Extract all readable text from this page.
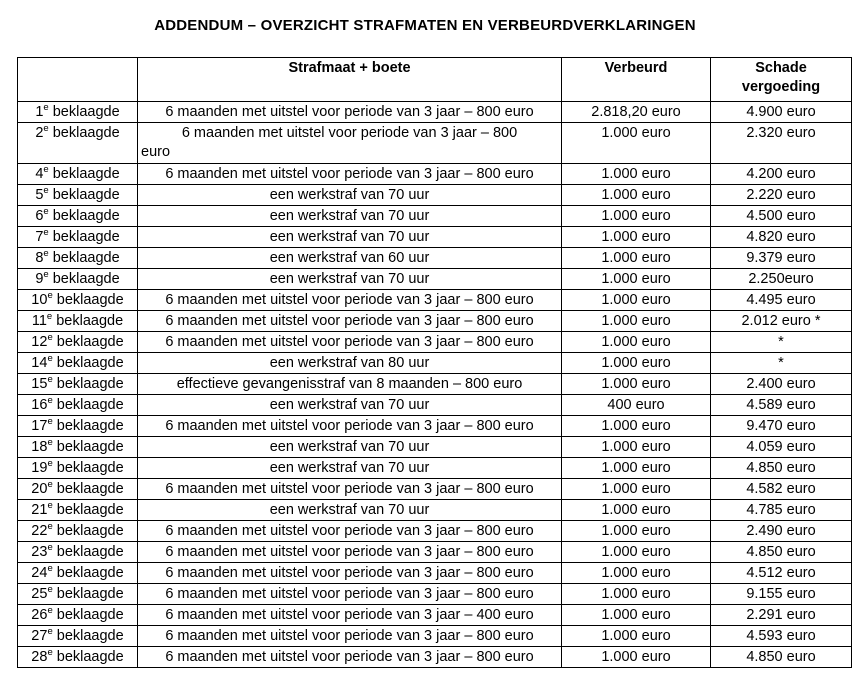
ADDENDUM – OVERZICHT STRAFMATEN EN VERBEURDVERKLARINGEN
	Strafmaat + boete	Verbeurd	Schade vergoeding

1e beklaagde	6 maanden met uitstel voor periode van 3 jaar – 800 euro	2.818,20 euro	4.900 euro
2e beklaagde	6 maanden met uitstel voor periode van 3 jaar – 800
euro	1.000 euro	2.320 euro
4e beklaagde	6 maanden met uitstel voor periode van 3 jaar – 800 euro	1.000 euro	4.200 euro
5e beklaagde	een werkstraf van 70 uur	1.000 euro	2.220 euro
6e beklaagde	een werkstraf van 70 uur	1.000 euro	4.500 euro
7e beklaagde	een werkstraf van 70 uur	1.000 euro	4.820 euro
8e beklaagde	een werkstraf van 60 uur	1.000 euro	9.379 euro
9e beklaagde	een werkstraf van 70 uur	1.000 euro	2.250euro
10e beklaagde	6 maanden met uitstel voor periode van 3 jaar – 800 euro	1.000 euro	4.495 euro
11e beklaagde	6 maanden met uitstel voor periode van 3 jaar – 800 euro	1.000 euro	2.012 euro *
12e beklaagde	6 maanden met uitstel voor periode van 3 jaar – 800 euro	1.000 euro	*
14e beklaagde	een werkstraf van 80 uur	1.000 euro	*
15e beklaagde	effectieve gevangenisstraf van 8 maanden – 800 euro	1.000 euro	2.400 euro
16e beklaagde	een werkstraf van 70 uur	400 euro	4.589 euro
17e beklaagde	6 maanden met uitstel voor periode van 3 jaar – 800 euro	1.000 euro	9.470 euro
18e beklaagde	een werkstraf van 70 uur	1.000 euro	4.059 euro
19e beklaagde	een werkstraf van 70 uur	1.000 euro	4.850 euro
20e beklaagde	6 maanden met uitstel voor periode van 3 jaar – 800 euro	1.000 euro	4.582 euro
21e beklaagde	een werkstraf van 70 uur	1.000 euro	4.785 euro
22e beklaagde	6 maanden met uitstel voor periode van 3 jaar – 800 euro	1.000 euro	2.490 euro
23e beklaagde	6 maanden met uitstel voor periode van 3 jaar – 800 euro	1.000 euro	4.850 euro
24e beklaagde	6 maanden met uitstel voor periode van 3 jaar – 800 euro	1.000 euro	4.512 euro
25e beklaagde	6 maanden met uitstel voor periode van 3 jaar – 800 euro	1.000 euro	9.155 euro
26e beklaagde	6 maanden met uitstel voor periode van 3 jaar – 400 euro	1.000 euro	2.291 euro
27e beklaagde	6 maanden met uitstel voor periode van 3 jaar – 800 euro	1.000 euro	4.593 euro
28e beklaagde	6 maanden met uitstel voor periode van 3 jaar – 800 euro	1.000 euro	4.850 euro
